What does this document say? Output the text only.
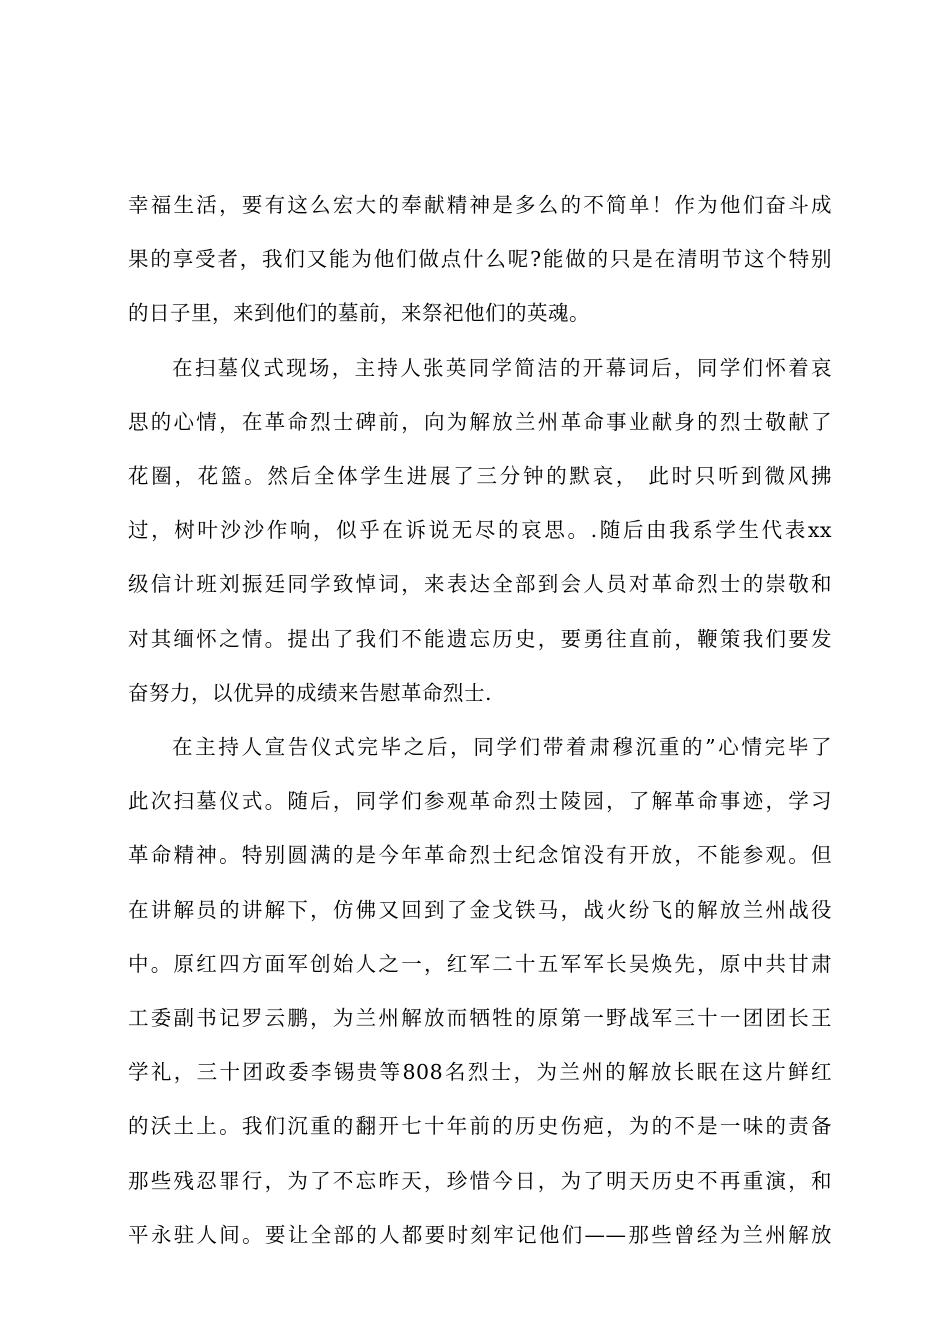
幸福生活，要有这么宏大的奉献精神是多么的不简单！作为他们奋斗成
果的享受者，我们又能为他们做点什么呢?能做的只是在清明节这个特别
的日子里，来到他们的墓前，来祭祀他们的英魂。
在扫墓仪式现场，主持人张英同学简洁的开幕词后，同学们怀着哀
思的心情，在革命烈士碑前，向为解放兰州革命事业献身的烈士敬献了
花圈，花篮。然后全体学生进展了三分钟的默哀， 此时只听到微风拂
过，树叶沙沙作响，似乎在诉说无尽的哀思。.随后由我系学生代表xx
级信计班刘振廷同学致悼词，来表达全部到会人员对革命烈士的崇敬和
对其缅怀之情。提出了我们不能遗忘历史，要勇往直前，鞭策我们要发
奋努力，以优异的成绩来告慰革命烈士.
在主持人宣告仪式完毕之后，同学们带着肃穆沉重的”心情完毕了
此次扫墓仪式。随后，同学们参观革命烈士陵园，了解革命事迹，学习
革命精神。特别圆满的是今年革命烈士纪念馆没有开放，不能参观。但
在讲解员的讲解下，仿佛又回到了金戈铁马，战火纷飞的解放兰州战役
中。原红四方面军创始人之一，红军二十五军军长吴焕先，原中共甘肃
工委副书记罗云鹏，为兰州解放而牺牲的原第一野战军三十一团团长王
学礼，三十团政委李锡贵等808名烈士，为兰州的解放长眠在这片鲜红
的沃土上。我们沉重的翻开七十年前的历史伤疤，为的不是一味的责备
那些残忍罪行，为了不忘昨天，珍惜今日，为了明天历史不再重演，和
平永驻人间。要让全部的人都要时刻牢记他们——那些曾经为兰州解放
